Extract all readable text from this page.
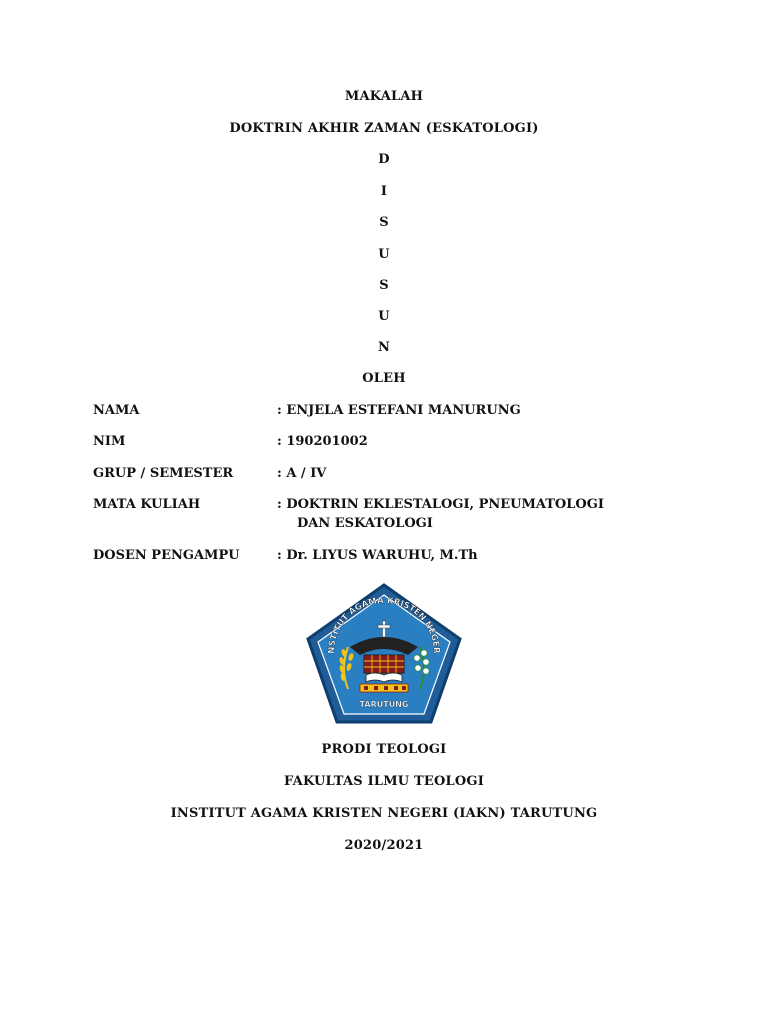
MAKALAH
DOKTRIN AKHIR ZAMAN (ESKATOLOGI)
D
I
S
U
S
U
N
OLEH
NAMA	: ENJELA ESTEFANI MANURUNG
NIM	: 190201002
GRUP / SEMESTER	: A / IV
MATA KULIAH	: DOKTRIN EKLESTALOGI, PNEUMATOLOGI
DAN ESKATOLOGI
DOSEN PENGAMPU	: Dr. LIYUS WARUHU, M.Th
NSTITUT AGAMA KRISTEN NEGER
TARUTUNG
PRODI TEOLOGI
FAKULTAS ILMU TEOLOGI
INSTITUT AGAMA KRISTEN NEGERI (IAKN) TARUTUNG
2020/2021
